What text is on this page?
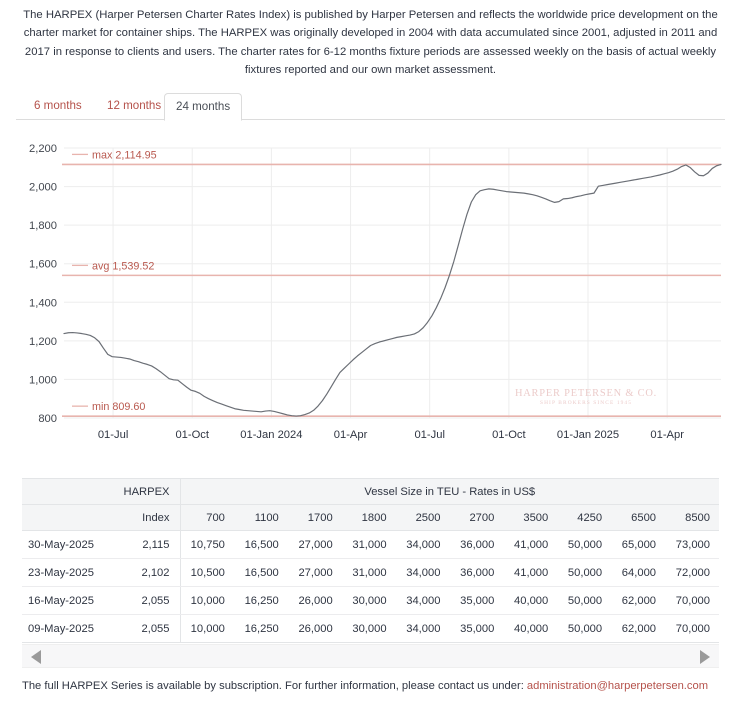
The HARPEX (Harper Petersen Charter Rates Index) is published by Harper Petersen and reflects the worldwide price development on the charter market for container ships. The HARPEX was originally developed in 2004 with data accumulated since 2001, adjusted in 2011 and 2017 in response to clients and users. The charter rates for 6-12 months fixture periods are assessed weekly on the basis of actual weekly fixtures reported and our own market assessment.
6 months	12 months	24 months
2,200
2,000
1,800
1,600
1,400
1,200
1,000
800
01-Jul	01-Oct	01-Jan 2024	01-Apr	01-Jul	01-Oct	01-Jan 2025	01-Apr
HARPER PETERSEN & CO.
SHIP BROKERS SINCE 1945
max 2,114.95
avg 1,539.52
min 809.60
	HARPEX	Vessel Size in TEU - Rates in US$									
	Index	700	1100	1700	1800	2500	2700	3500	4250	6500	8500
30-May-2025	2,115	10,750	16,500	27,000	31,000	34,000	36,000	41,000	50,000	65,000	73,000
23-May-2025	2,102	10,500	16,500	27,000	31,000	34,000	36,000	41,000	50,000	64,000	72,000
16-May-2025	2,055	10,000	16,250	26,000	30,000	34,000	35,000	40,000	50,000	62,000	70,000
09-May-2025	2,055	10,000	16,250	26,000	30,000	34,000	35,000	40,000	50,000	62,000	70,000
The full HARPEX Series is available by subscription. For further information, please contact us under: administration@harperpetersen.com
